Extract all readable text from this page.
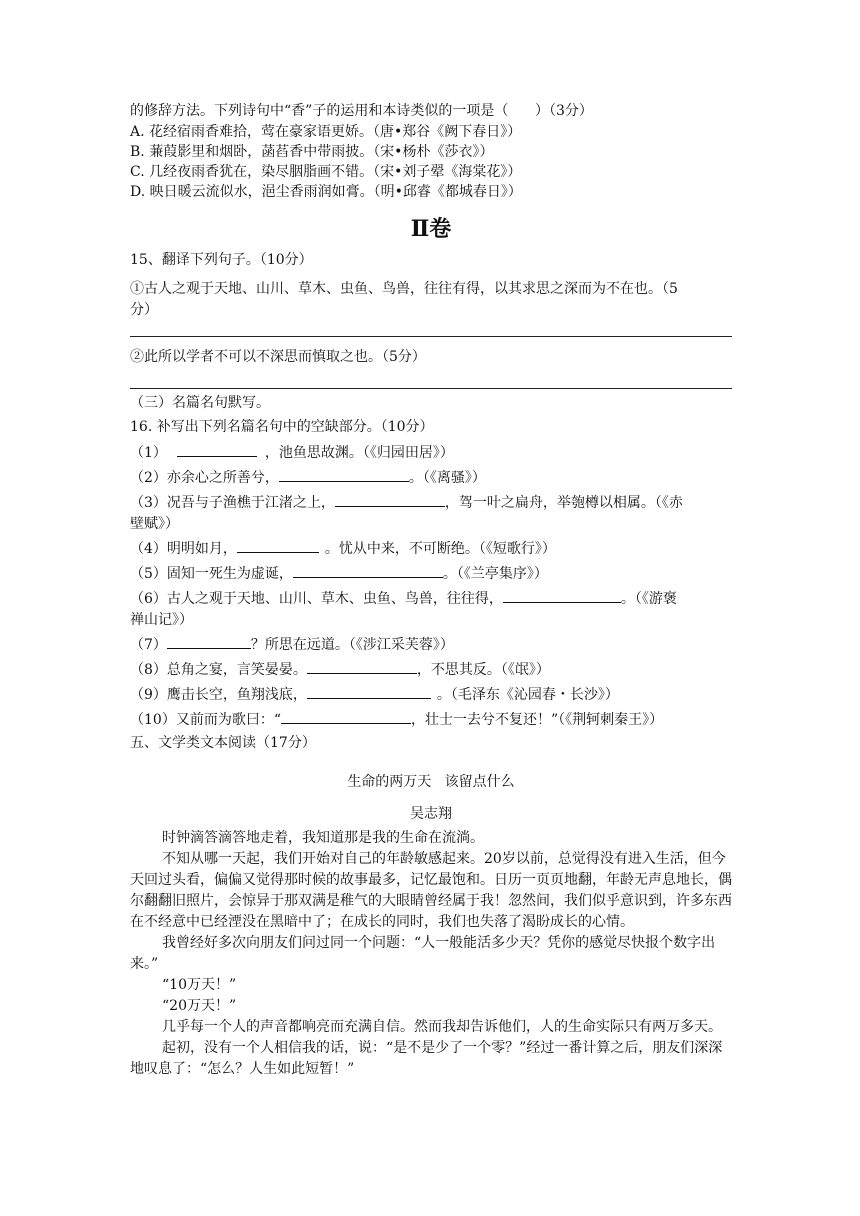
的修辞方法。下列诗句中“香”子的运用和本诗类似的一项是（      ）（3分）

A. 花经宿雨香难拾，莺在豪家语更娇。（唐•郑谷《阙下春日》）

B. 蒹葭影里和烟卧，菡萏香中带雨披。（宋•杨朴《莎衣》）

C. 几经夜雨香犹在，染尽胭脂画不错。（宋•刘子翚《海棠花》）

D. 映日暖云流似水，浥尘香雨润如膏。（明•邱睿《都城春日》）

Ⅱ卷

15、翻译下列句子。（10分）

①古人之观于天地、山川、草木、虫鱼、鸟兽，往往有得，以其求思之深而为不在也。（5

分）

②此所以学者不可以不深思而慎取之也。（5分）

（三）名篇名句默写。

16. 补写出下列名篇名句中的空缺部分。（10分）

（1）	，池鱼思故渊。（《归园田居》）

（2）亦余心之所善兮，	。（《离骚》）

（3）况吾与子渔樵于江渚之上，	，驾一叶之扁舟，举匏樽以相属。（《赤

壁赋》）

（4）明明如月，	。忧从中来，不可断绝。（《短歌行》）

（5）固知一死生为虚诞，	。（《兰亭集序》）

（6）古人之观于天地、山川、草木、虫鱼、鸟兽，往往得，	。（《游褒

禅山记》）

（7）	？所思在远道。（《涉江采芙蓉》）

（8）总角之宴，言笑晏晏。	，不思其反。（《氓》）

（9）鹰击长空，鱼翔浅底，	。（毛泽东《沁园春・长沙》）

（10）又前而为歌曰：“	，壮士一去兮不复还！”（《荆轲刺秦王》）

五、文学类文本阅读（17分）

生命的两万天   该留点什么

吴志翔

时钟滴答滴答地走着，我知道那是我的生命在流淌。

不知从哪一天起，我们开始对自己的年龄敏感起来。20岁以前，总觉得没有进入生活，但今天回过头看，偏偏又觉得那时候的故事最多，记忆最饱和。日历一页页地翻，年龄无声息地长，偶尔翻翻旧照片，会惊异于那双满是稚气的大眼睛曾经属于我！忽然间，我们似乎意识到，许多东西在不经意中已经湮没在黑暗中了；在成长的同时，我们也失落了渴盼成长的心情。

我曾经好多次向朋友们问过同一个问题：“人一般能活多少天？凭你的感觉尽快报个数字出来。”

“10万天！”

“20万天！”

几乎每一个人的声音都响亮而充满自信。然而我却告诉他们，人的生命实际只有两万多天。

起初，没有一个人相信我的话，说：“是不是少了一个零？”经过一番计算之后，朋友们深深地叹息了：“怎么？人生如此短暂！”
